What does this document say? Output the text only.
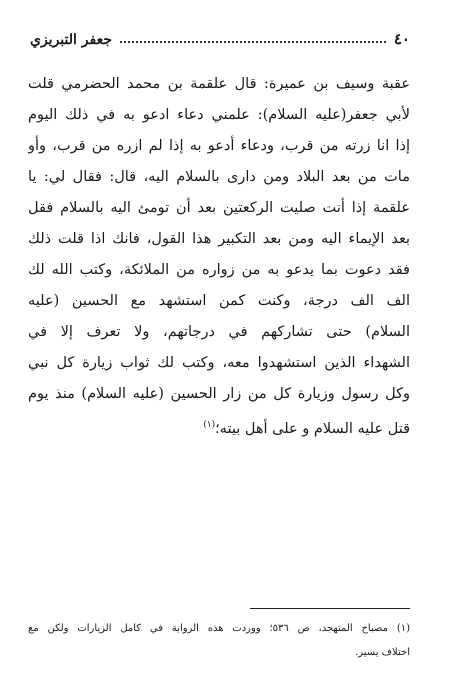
٤٠
جعفر التبريزي
عقبة وسيف بن عميرة: قال علقمة بن محمد الحضرمي قلت
لأبي جعفر(عليه السلام): علمني دعاء ادعو به في ذلك اليوم
إذا انا زرته من قرب، ودعاء أدعو به إذا لم ازره من قرب، وأو
مات من بعد البلاد ومن دارى بالسلام اليه، قال: فقال لي: يا
علقمة إذا أنت صليت الركعتين بعد أن تومئ اليه بالسلام فقل
بعد الإيماء اليه ومن بعد التكبير هذا القول، فانك اذا قلت ذلك
فقد دعوت بما يدعو به من زواره من الملائكة، وكتب الله لك
الف الف درجة، وكنت كمن استشهد مع الحسين (عليه
السلام) حتى تشاركهم في درجاتهم، ولا تعرف إلا في
الشهداء الذين استشهدوا معه، وكتب لك ثواب زيارة كل نبي
وكل رسول وزيارة كل من زار الحسين (عليه السلام) منذ يوم
قتل عليه السلام و على أهل بيته؛$^{(١)}$
(١) مصباح المتهجد، ص ٥٣٦؛ ووردت هذه الرواية في كامل الزيارات ولكن مع
اختلاف يسير.
